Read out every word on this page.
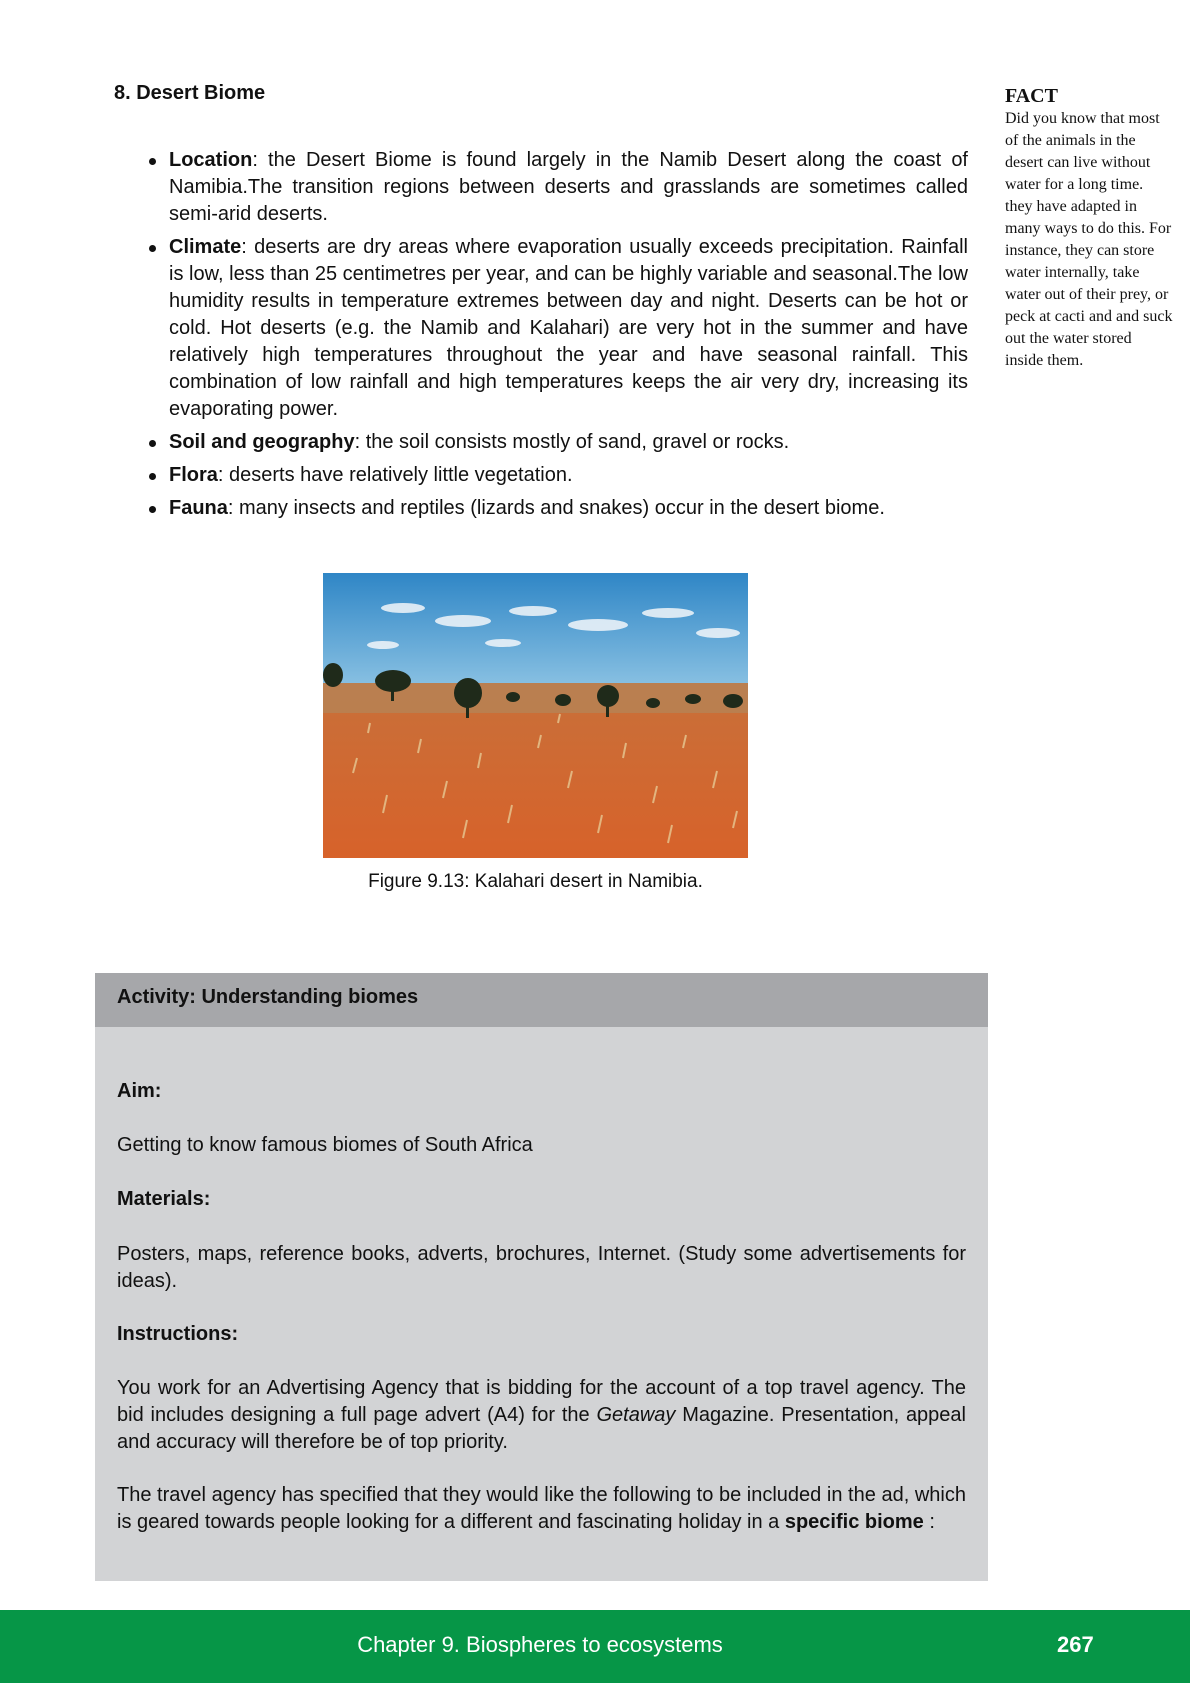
8. Desert Biome	FACT
Did you know that most of the animals in the desert can live without water for a long time. they have adapted in many ways to do this. For instance, they can store water internally, take water out of their prey, or peck at cacti and and suck out the water stored inside them.
Location: the Desert Biome is found largely in the Namib Desert along the coast of Namibia.The transition regions between deserts and grasslands are sometimes called semi-arid deserts.
Climate: deserts are dry areas where evaporation usually exceeds precipitation. Rainfall is low, less than 25 centimetres per year, and can be highly variable and seasonal.The low humidity results in temperature extremes between day and night. Deserts can be hot or cold. Hot deserts (e.g. the Namib and Kalahari) are very hot in the summer and have relatively high temperatures throughout the year and have seasonal rainfall. This combination of low rainfall and high temperatures keeps the air very dry, increasing its evaporating power.
Soil and geography: the soil consists mostly of sand, gravel or rocks.
Flora: deserts have relatively little vegetation.
Fauna: many insects and reptiles (lizards and snakes) occur in the desert biome.
Figure 9.13: Kalahari desert in Namibia.
Activity: Understanding biomes
Aim:
Getting to know famous biomes of South Africa
Materials:
Posters, maps, reference books, adverts, brochures, Internet. (Study some advertisements for ideas).
Instructions:
You work for an Advertising Agency that is bidding for the account of a top travel agency. The bid includes designing a full page advert (A4) for the Getaway Magazine. Presentation, appeal and accuracy will therefore be of top priority.
The travel agency has specified that they would like the following to be included in the ad, which is geared towards people looking for a different and fascinating holiday in a specific biome :
Chapter 9. Biospheres to ecosystems	267
